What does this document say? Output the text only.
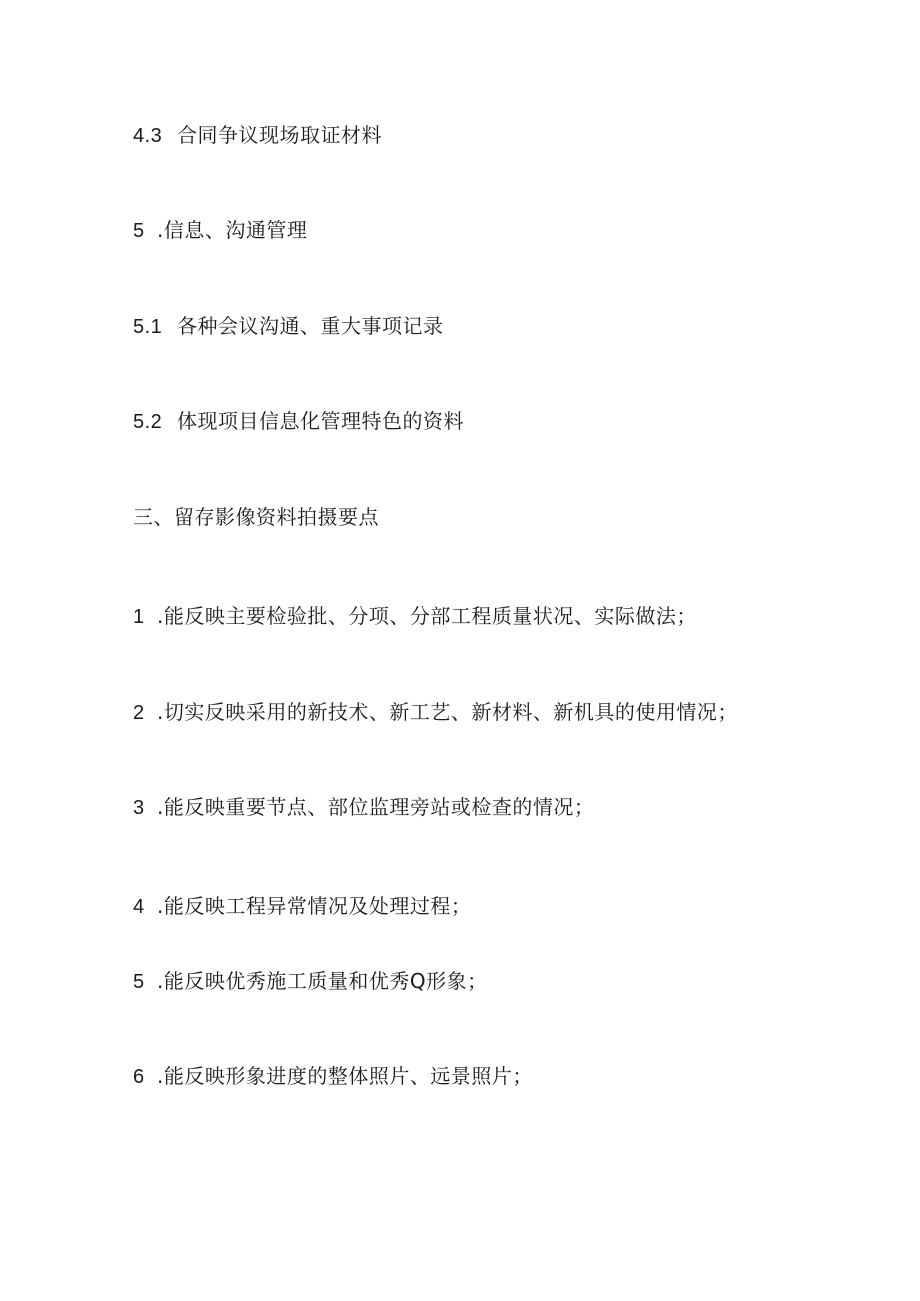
4.3 合同争议现场取证材料
5 .信息、沟通管理
5.1 各种会议沟通、重大事项记录
5.2 体现项目信息化管理特色的资料
三、留存影像资料拍摄要点
1 .能反映主要检验批、分项、分部工程质量状况、实际做法；
2 .切实反映采用的新技术、新工艺、新材料、新机具的使用情况；
3 .能反映重要节点、部位监理旁站或检查的情况；
4 .能反映工程异常情况及处理过程；
5 .能反映优秀施工质量和优秀Q形象；
6 .能反映形象进度的整体照片、远景照片；
